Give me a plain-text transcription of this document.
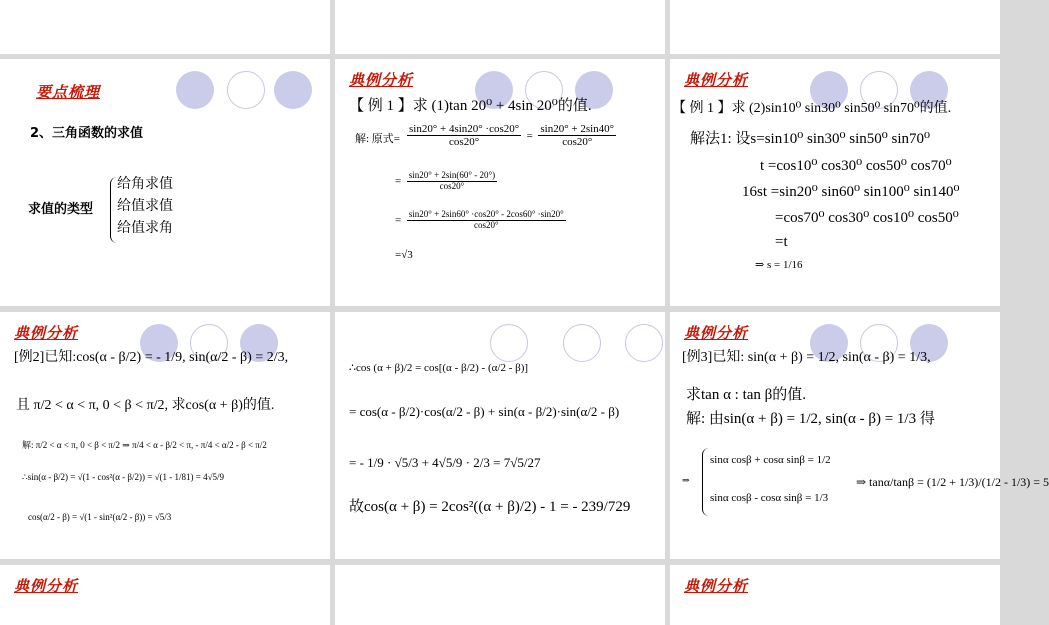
要点梳理
2、三角函数的求值
求值的类型
给角求值
给值求值
给值求角
典例分析
【 例 1 】求 (1)tan 20⁰ + 4sin 20⁰的值.
解: 原式= $\frac{\sin 20^\circ + 4\sin 20^\circ \cdot\cos 20^\circ}{\cos 20^\circ} = \frac{\sin 20^\circ + 2\sin 40^\circ}{\cos 20^\circ}$
= $\frac{\sin 20^\circ + 2\sin(60^\circ - 20^\circ)}{\cos 20^\circ}$
= $\frac{\sin 20^\circ + 2\sin 60^\circ \cdot\cos 20^\circ - 2\cos 60^\circ \cdot\sin 20^\circ}{\cos 20^\circ}$
=√3
典例分析
【 例 1 】求 (2)sin10⁰ sin30⁰ sin50⁰ sin70⁰的值.
解法1: 设s=sin10⁰ sin30⁰ sin50⁰ sin70⁰
t =cos10⁰ cos30⁰ cos50⁰ cos70⁰
16st =sin20⁰ sin60⁰ sin100⁰ sin140⁰
=cos70⁰ cos30⁰ cos10⁰ cos50⁰
=t
⇒ s = 1/16
典例分析
[例2]已知:cos(α - β/2) = - 1/9, sin(α/2 - β) = 2/3,
且 π/2 < α < π, 0 < β < π/2, 求cos(α + β)的值.
解: π/2 < α < π, 0 < β < π/2 ⇒ π/4 < α - β/2 < π, - π/4 < α/2 - β < π/2
∴sin(α - β/2) = √(1 - cos²(α - β/2)) = √(1 - 1/81) = 4√5/9
cos(α/2 - β) = √(1 - sin²(α/2 - β)) = √5/3
∴cos (α + β)/2 = cos[(α - β/2) - (α/2 - β)]
= cos(α - β/2)·cos(α/2 - β) + sin(α - β/2)·sin(α/2 - β)
= - 1/9 · √5/3 + 4√5/9 · 2/3 = 7√5/27
故cos(α + β) = 2cos²((α + β)/2) - 1 = - 239/729
典例分析
[例3]已知: sin(α + β) = 1/2, sin(α - β) = 1/3,
求tan α : tan β的值.
解: 由sin(α + β) = 1/2, sin(α - β) = 1/3 得
⇒
sinα cosβ + cosα sinβ = 1/2
sinα cosβ - cosα sinβ = 1/3
⇒ tanα/tanβ = (1/2 + 1/3)/(1/2 - 1/3) = 5
典例分析	典例分析
